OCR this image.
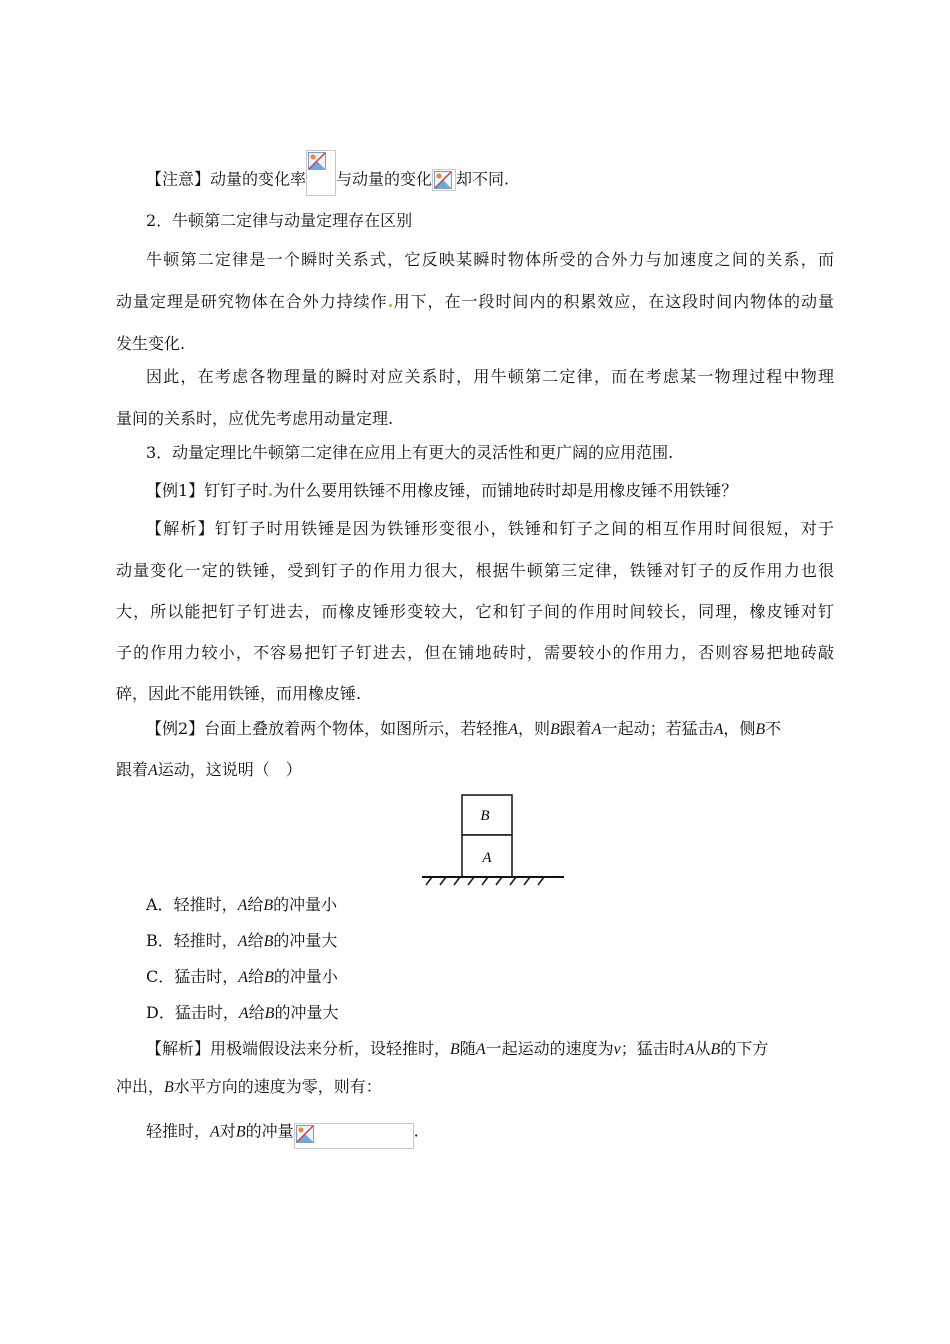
【注意】动量的变化率 与动量的变化 却不同.
2．牛顿第二定律与动量定理存在区别
牛顿第二定律是一个瞬时关系式，它反映某瞬时物体所受的合外力与加速度之间的关系，而
动量定理是研究物体在合外力持续作 用下，在一段时间内的积累效应，在这段时间内物体的动量
发生变化.
因此，在考虑各物理量的瞬时对应关系时，用牛顿第二定律，而在考虑某一物理过程中物理
量间的关系时，应优先考虑用动量定理.
3．动量定理比牛顿第二定律在应用上有更大的灵活性和更广阔的应用范围.
【例1】钉钉子时 为什么要用铁锤不用橡皮锤，而铺地砖时却是用橡皮锤不用铁锤？
【解析】钉钉子时用铁锤是因为铁锤形变很小，铁锤和钉子之间的相互作用时间很短，对于
动量变化一定的铁锤，受到钉子的作用力很大，根据牛顿第三定律，铁锤对钉子的反作用力也很
大，所以能把钉子钉进去，而橡皮锤形变较大，它和钉子间的作用时间较长，同理，橡皮锤对钉
子的作用力较小，不容易把钉子钉进去，但在铺地砖时，需要较小的作用力，否则容易把地砖敲
碎，因此不能用铁锤，而用橡皮锤.
【例2】台面上叠放着两个物体，如图所示，若轻推A，则B跟着A一起动；若猛击A，侧B不
跟着A运动，这说明（　）
B
A
A．轻推时，A给B的冲量小
B．轻推时，A给B的冲量大
C．猛击时，A给B的冲量小
D．猛击时，A给B的冲量大
【解析】用极端假设法来分析，设轻推时，B随A一起运动的速度为v；猛击时A从B的下方
冲出，B水平方向的速度为零，则有：
轻推时，A对B的冲量	.
